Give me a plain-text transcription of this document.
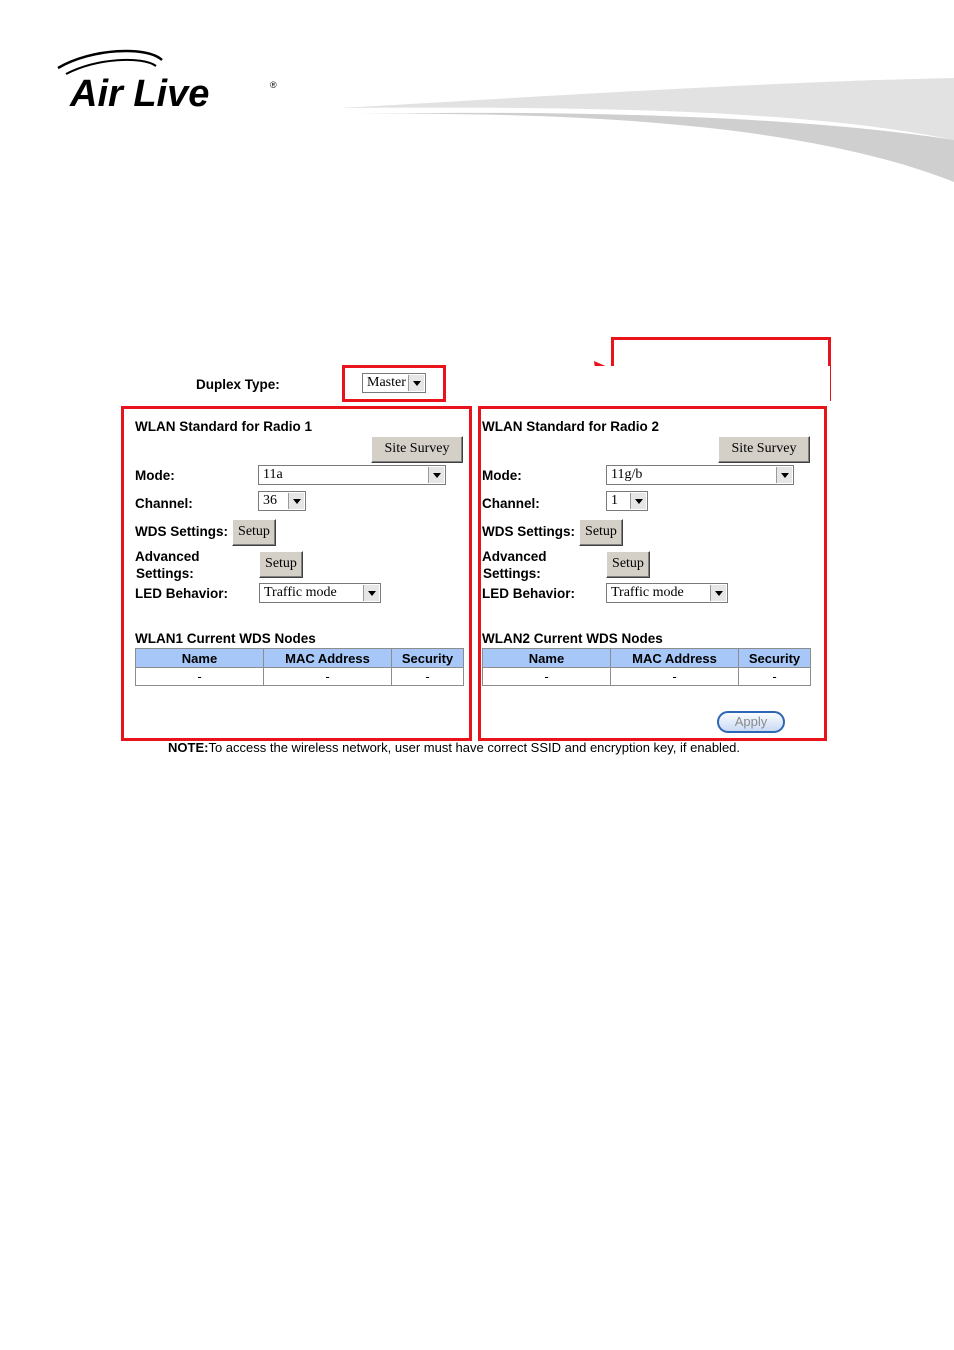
Air Live	®
Duplex Type:	Master
WLAN Standard for Radio 1
Site Survey
Mode:	11a
Channel:	36
WDS Settings: Setup
Advanced
Settings:
Setup
LED Behavior:	Traffic mode
WLAN1 Current WDS Nodes
Name	MAC Address	Security
-	-	-
WLAN Standard for Radio 2
Site Survey
Mode:	11g/b
Channel:	1
WDS Settings: Setup
Advanced
Settings:
Setup
LED Behavior:	Traffic mode
WLAN2 Current WDS Nodes
Name	MAC Address	Security
-	-	-
Apply
NOTE:To access the wireless network, user must have correct SSID and encryption key, if enabled.
